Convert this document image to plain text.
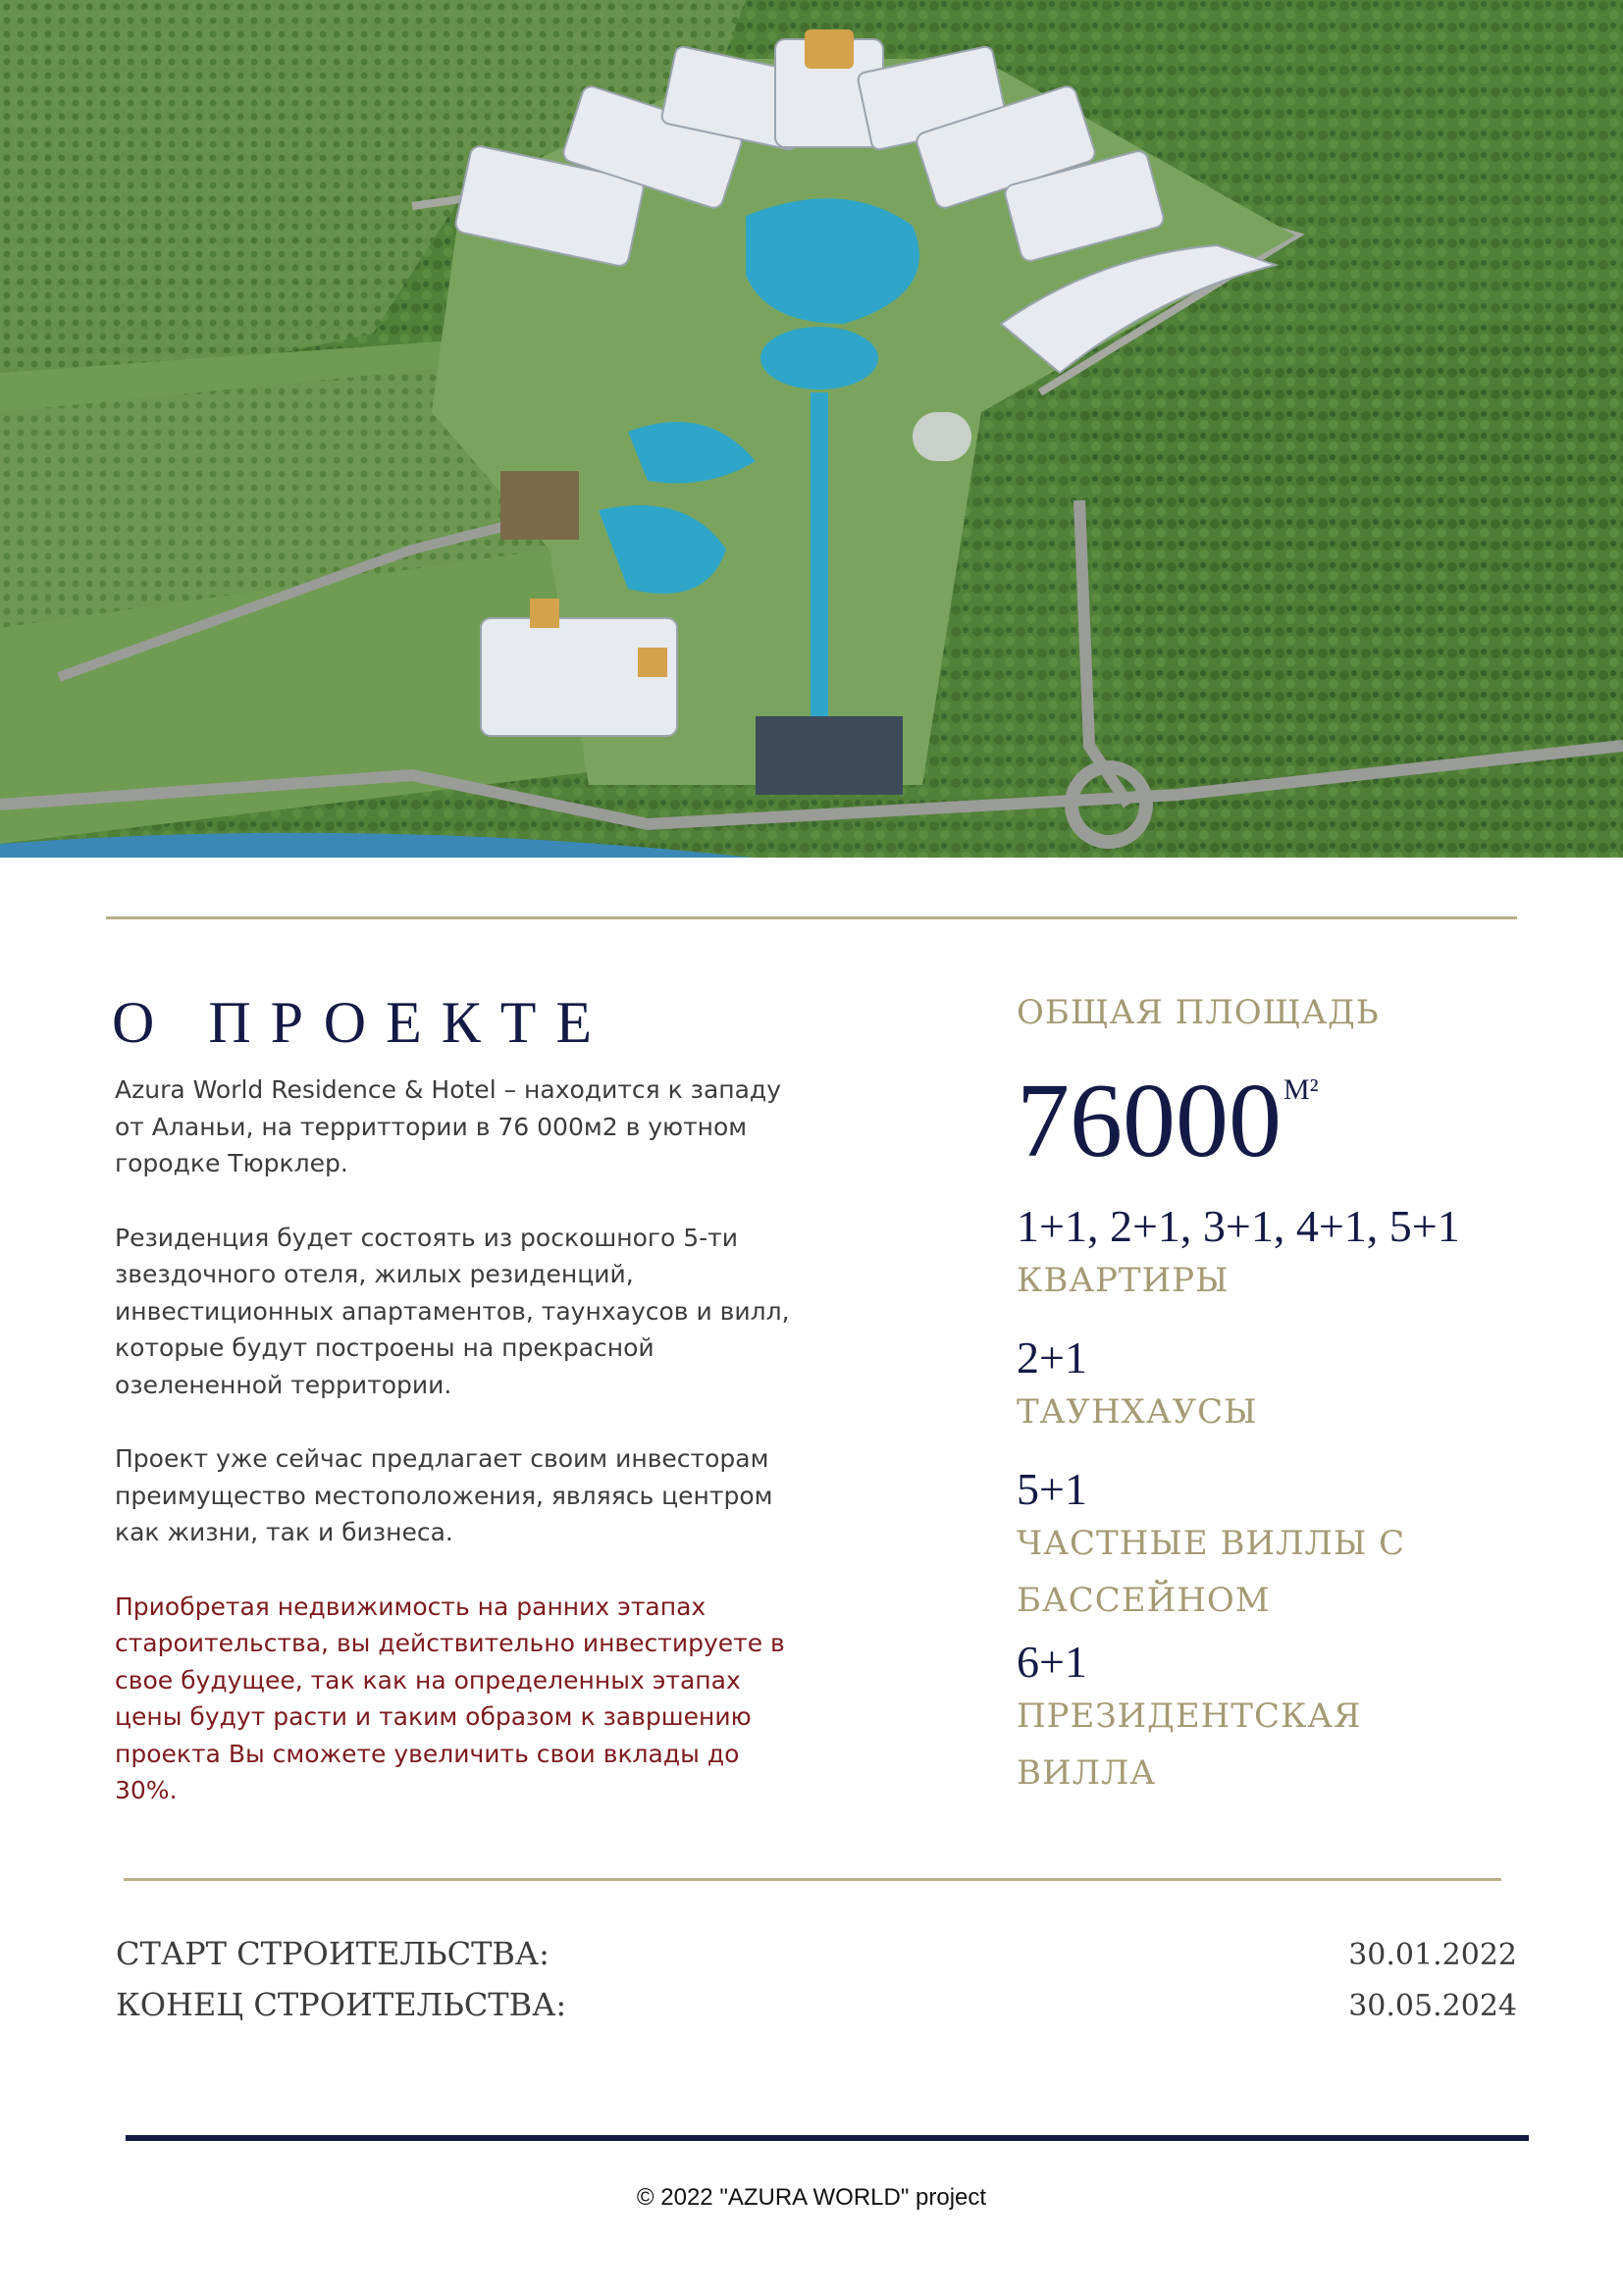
О ПРОЕКТЕ

Azura World Residence & Hotel – находится к западу от Аланьи, на территтории в 76 000м2 в уютном городке Тюрклер.

Резиденция будет состоять из роскошного 5-ти звездочного отеля, жилых резиденций, инвестиционных апартаментов, таунхаусов и вилл, которые будут построены на прекрасной озелененной территории.

Проект уже сейчас предлагает своим инвесторам преимущество местоположения, являясь центром как жизни, так и бизнеса.

Приобретая недвижимость на ранних этапах староительства, вы действительно инвестируете в свое будущее, так как на определенных этапах цены будут расти и таким образом к завршению проекта Вы сможете увеличить свои вклады до 30%.

ОБЩАЯ ПЛОЩАДЬ
$76000^{М^2}$
1+1, 2+1, 3+1, 4+1, 5+1
КВАРТИРЫ
2+1
ТАУНХАУСЫ
5+1
ЧАСТНЫЕ ВИЛЛЫ С БАССЕЙНОМ
6+1
ПРЕЗИДЕНТСКАЯ ВИЛЛА
СТАРТ СТРОИТЕЛЬСТВА:	30.01.2022
КОНЕЦ СТРОИТЕЛЬСТВА:	30.05.2024
© 2022 "AZURA WORLD" project
